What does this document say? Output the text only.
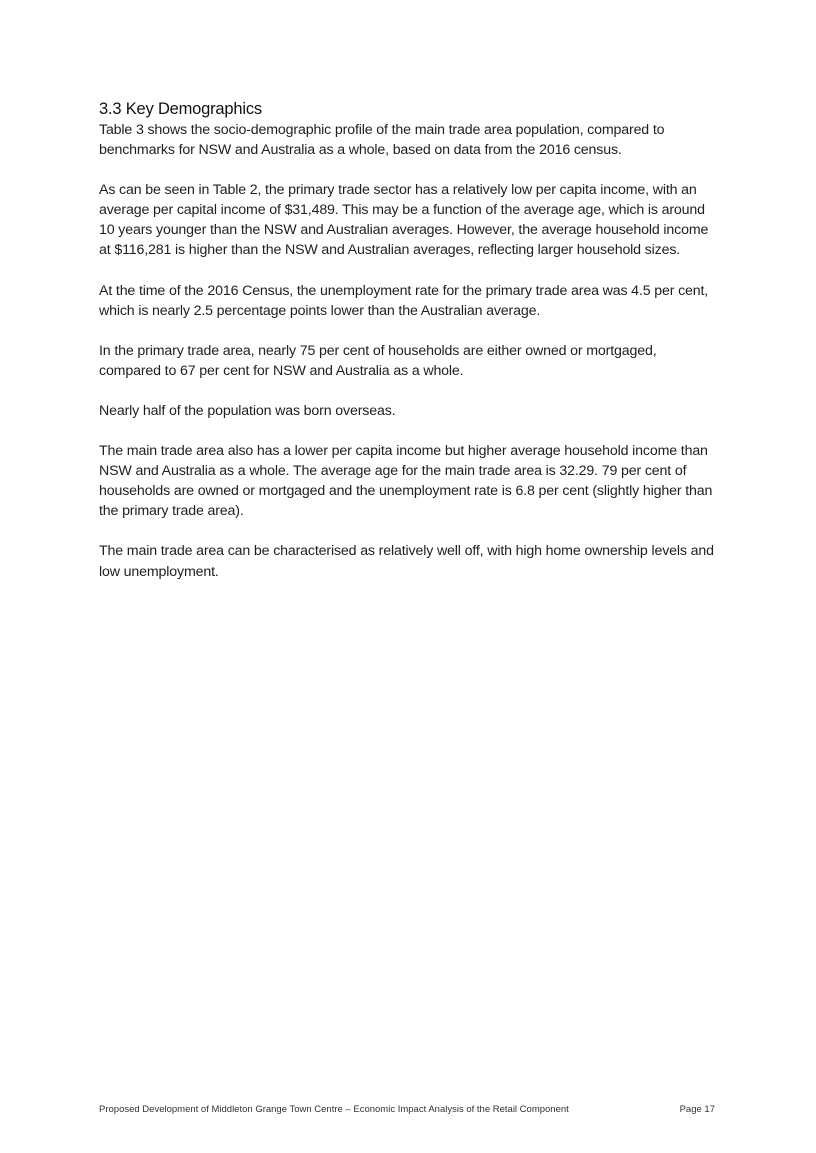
3.3 Key Demographics

Table 3 shows the socio-demographic profile of the main trade area population, compared to benchmarks for NSW and Australia as a whole, based on data from the 2016 census.

As can be seen in Table 2, the primary trade sector has a relatively low per capita income, with an average per capital income of $31,489. This may be a function of the average age, which is around 10 years younger than the NSW and Australian averages. However, the average household income at $116,281 is higher than the NSW and Australian averages, reflecting larger household sizes.

At the time of the 2016 Census, the unemployment rate for the primary trade area was 4.5 per cent, which is nearly 2.5 percentage points lower than the Australian average.

In the primary trade area, nearly 75 per cent of households are either owned or mortgaged, compared to 67 per cent for NSW and Australia as a whole.

Nearly half of the population was born overseas.

The main trade area also has a lower per capita income but higher average household income than NSW and Australia as a whole. The average age for the main trade area is 32.29. 79 per cent of households are owned or mortgaged and the unemployment rate is 6.8 per cent (slightly higher than the primary trade area).

The main trade area can be characterised as relatively well off, with high home ownership levels and low unemployment.

Proposed Development of Middleton Grange Town Centre – Economic Impact Analysis of the Retail Component	Page 17
